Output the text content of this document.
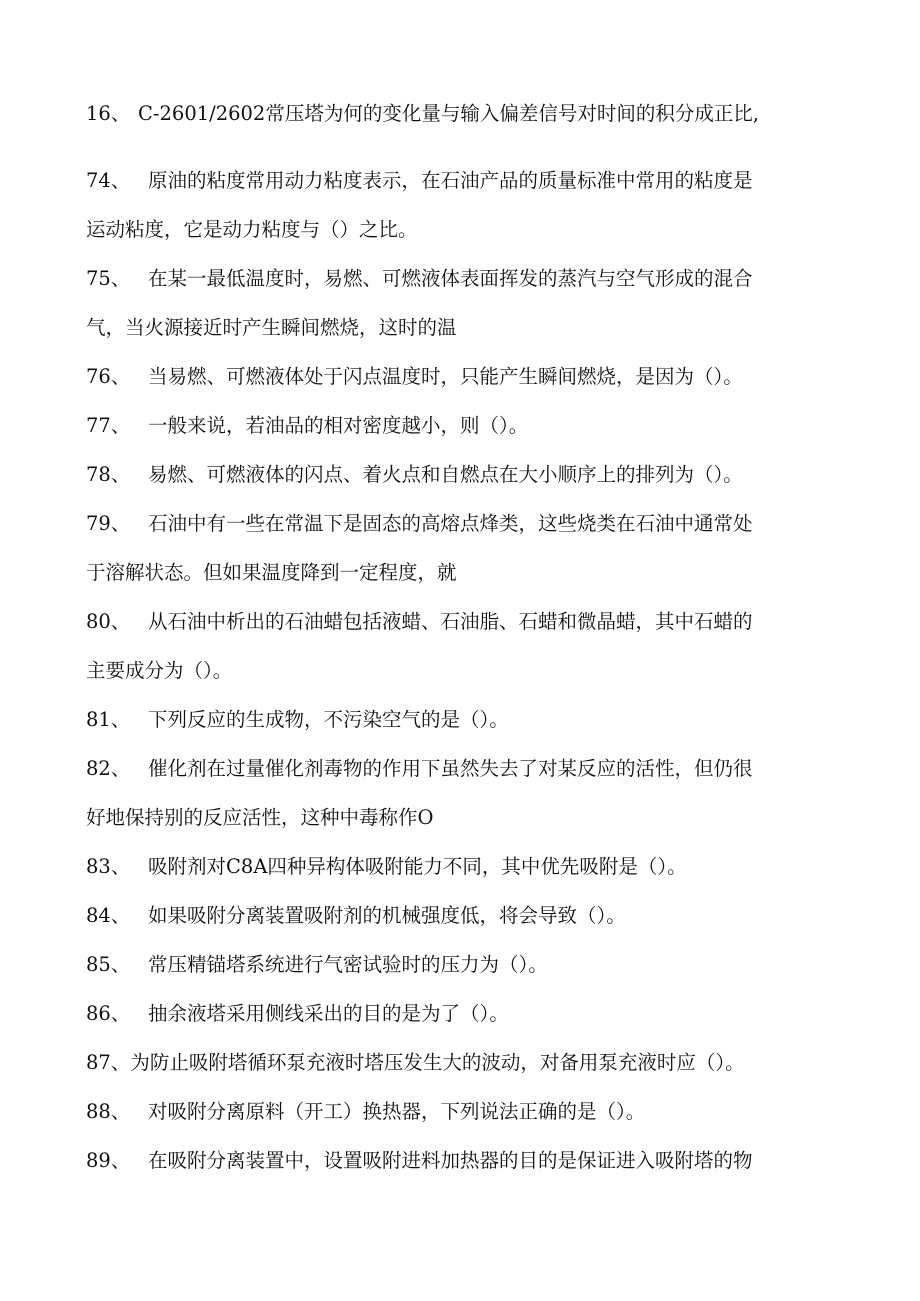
16、 C-2601/2602常压塔为何的变化量与输入偏差信号对时间的积分成正比,
74、 原油的粘度常用动力粘度表示，在石油产品的质量标准中常用的粘度是
运动粘度，它是动力粘度与（）之比。
75、 在某一最低温度时，易燃、可燃液体表面挥发的蒸汽与空气形成的混合
气，当火源接近时产生瞬间燃烧，这时的温
76、 当易燃、可燃液体处于闪点温度时，只能产生瞬间燃烧，是因为（）。
77、 一般来说，若油品的相对密度越小，则（）。
78、 易燃、可燃液体的闪点、着火点和自燃点在大小顺序上的排列为（）。
79、 石油中有一些在常温下是固态的高熔点烽类，这些烧类在石油中通常处
于溶解状态。但如果温度降到一定程度，就
80、 从石油中析出的石油蜡包括液蜡、石油脂、石蜡和微晶蜡，其中石蜡的
主要成分为（）。
81、 下列反应的生成物，不污染空气的是（）。
82、 催化剂在过量催化剂毒物的作用下虽然失去了对某反应的活性，但仍很
好地保持别的反应活性，这种中毒称作O
83、 吸附剂对C8A四种异构体吸附能力不同，其中优先吸附是（）。
84、 如果吸附分离装置吸附剂的机械强度低，将会导致（）。
85、 常压精锚塔系统进行气密试验时的压力为（）。
86、 抽余液塔采用侧线采出的目的是为了（）。
87、为防止吸附塔循环泵充液时塔压发生大的波动，对备用泵充液时应（）。
88、 对吸附分离原料（开工）换热器，下列说法正确的是（）。
89、 在吸附分离装置中，设置吸附进料加热器的目的是保证进入吸附塔的物
